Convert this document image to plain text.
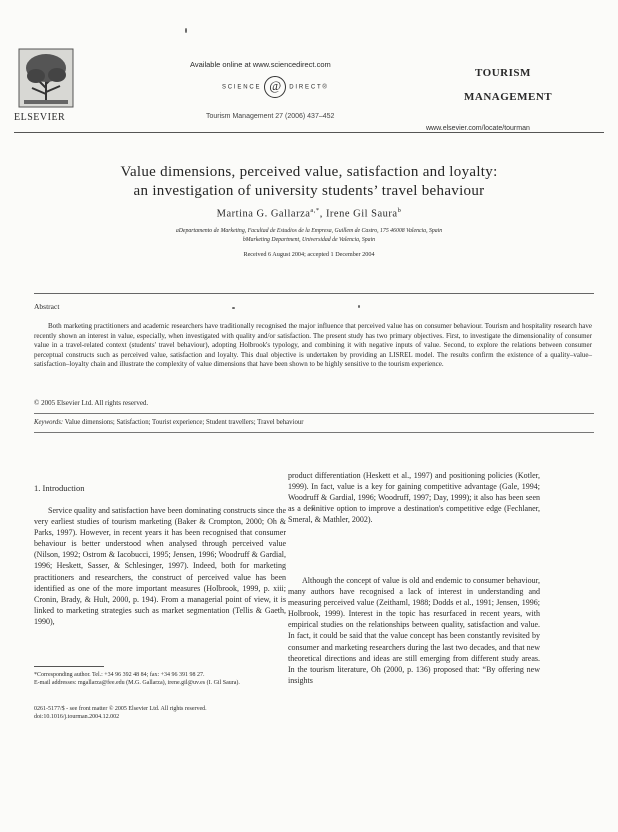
ELSEVIER
Available online at www.sciencedirect.com
SCIENCE @ DIRECT®
Tourism Management 27 (2006) 437–452
TOURISM
MANAGEMENT
www.elsevier.com/locate/tourman
Value dimensions, perceived value, satisfaction and loyalty:
an investigation of university students’ travel behaviour
Martina G. Gallarza$^{a,*}$, Irene Gil Saura$^b$
aDepartamento de Marketing, Facultad de Estudios de la Empresa, Guillem de Castro, 175 46008 Valencia, Spain
bMarketing Department, Universidad de Valencia, Spain
Received 6 August 2004; accepted 1 December 2004
Abstract

Both marketing practitioners and academic researchers have traditionally recognised the major influence that perceived value has on consumer behaviour. Tourism and hospitality research have recently shown an interest in value, especially, when investigated with quality and/or satisfaction. The present study has two primary objectives. First, to investigate the dimensionality of consumer value in a travel-related context (students' travel behaviour), adopting Holbrook's typology, and combining it with negative inputs of value. Second, to explore the relations between consumer perceptual constructs such as perceived value, satisfaction and loyalty. This dual objective is undertaken by providing an LISREL model. The results confirm the existence of a quality–value–satisfaction–loyalty chain and illustrate the complexity of value dimensions that have been shown to be highly sensitive to the tourism experience.

© 2005 Elsevier Ltd. All rights reserved.
Keywords: Value dimensions; Satisfaction; Tourist experience; Student travellers; Travel behaviour
1. Introduction

Service quality and satisfaction have been dominating constructs since the very earliest studies of tourism marketing (Baker & Crompton, 2000; Oh & Parks, 1997). However, in recent years it has been recognised that consumer behaviour is better understood when analysed through perceived value (Nilson, 1992; Ostrom & Iacobucci, 1995; Jensen, 1996; Woodruff & Gardial, 1996; Heskett, Sasser, & Schlesinger, 1997). Indeed, both for marketing practitioners and researchers, the construct of perceived value has been identified as one of the more important measures (Holbrook, 1999, p. xiii; Cronin, Brady, & Hult, 2000, p. 194). From a managerial point of view, it is linked to marketing strategies such as market segmentation (Tellis & Gaeth, 1990),

product differentiation (Heskett et al., 1997) and positioning policies (Kotler, 1999). In fact, value is a key for gaining competitive advantage (Gale, 1994; Woodruff & Gardial, 1996; Woodruff, 1997; Day, 1999); it also has been seen as a definitive option to improve a destination's competitive edge (Fechlaner, Smeral, & Mathler, 2002).

Although the concept of value is old and endemic to consumer behaviour, many authors have recognised a lack of interest in understanding and measuring perceived value (Zeithaml, 1988; Dodds et al., 1991; Jensen, 1996; Holbrook, 1999). Interest in the topic has resurfaced in recent years, with empirical studies on the relationships between quality, satisfaction and value. In fact, it could be said that the value concept has been constantly revisited by consumer and marketing researchers during the last two decades, and that new theoretical directions and ideas are still emerging from different study areas. In the tourism literature, Oh (2000, p. 136) proposed that: “By offering new insights

*Corresponding author. Tel.: +34 96 392 48 84; fax: +34 96 391 98 27.
E-mail addresses: mgallarza@fee.edu (M.G. Gallarza), irene.gil@uv.es (I. Gil Saura).

0261-5177/$ - see front matter © 2005 Elsevier Ltd. All rights reserved.

doi:10.1016/j.tourman.2004.12.002
